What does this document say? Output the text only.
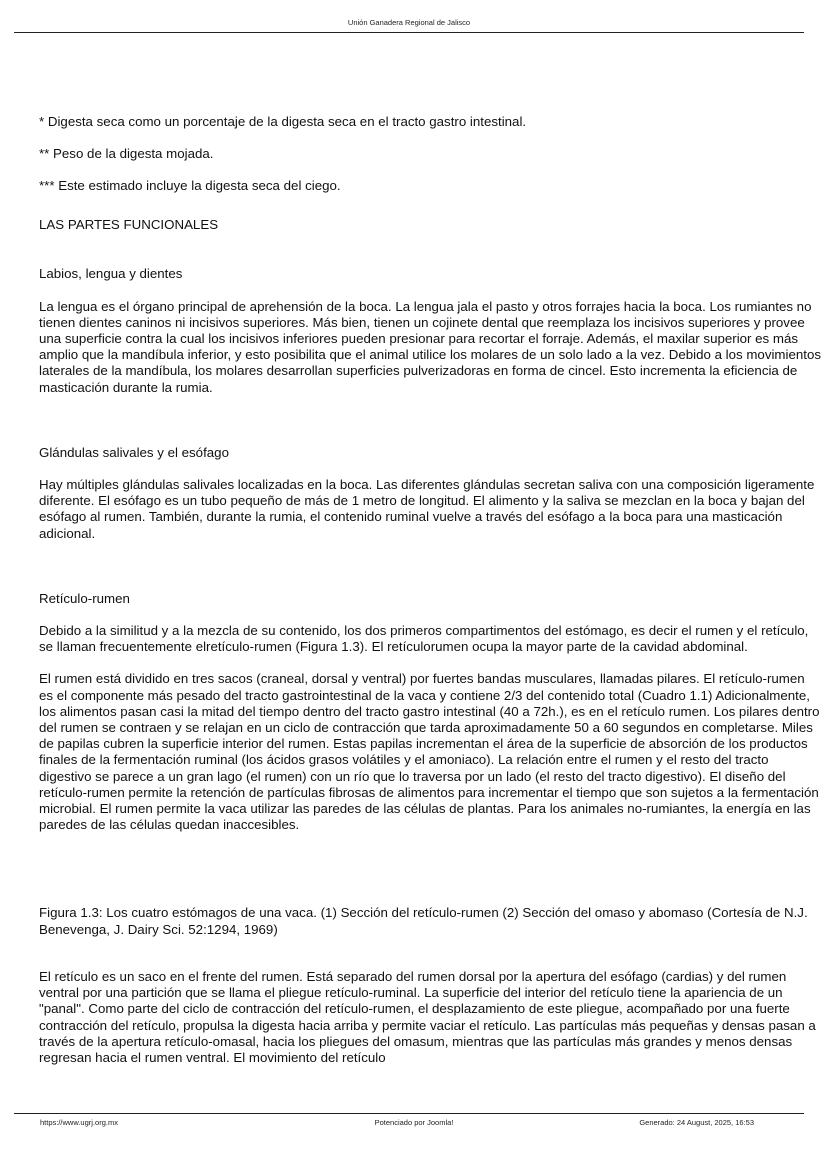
Unión Ganadera Regional de Jalisco

* Digesta seca como un porcentaje de la digesta seca en el tracto gastro intestinal.

** Peso de la digesta mojada.

*** Este estimado incluye la digesta seca del ciego.

LAS PARTES FUNCIONALES

Labios, lengua y dientes

La lengua es el órgano principal de aprehensión de la boca. La lengua jala el pasto y otros forrajes hacia la boca. Los rumiantes no tienen dientes caninos ni incisivos superiores. Más bien, tienen un cojinete dental que reemplaza los incisivos superiores y provee una superficie contra la cual los incisivos inferiores pueden presionar para recortar el forraje. Además, el maxilar superior es más amplio que la mandíbula inferior, y esto posibilita que el animal utilice los molares de un solo lado a la vez. Debido a los movimientos laterales de la mandíbula, los molares desarrollan superficies pulverizadoras en forma de cincel. Esto incrementa la eficiencia de masticación durante la rumia.

Glándulas salivales y el esófago

Hay múltiples glándulas salivales localizadas en la boca. Las diferentes glándulas secretan saliva con una composición ligeramente diferente. El esófago es un tubo pequeño de más de 1 metro de longitud. El alimento y la saliva se mezclan en la boca y bajan del esófago al rumen. También, durante la rumia, el contenido ruminal vuelve a través del esófago a la boca para una masticación adicional.

Retículo-rumen

Debido a la similitud y a la mezcla de su contenido, los dos primeros compartimentos del estómago, es decir el rumen y el retículo, se llaman frecuentemente elretículo-rumen (Figura 1.3). El retículorumen ocupa la mayor parte de la cavidad abdominal.

El rumen está dividido en tres sacos (craneal, dorsal y ventral) por fuertes bandas musculares, llamadas pilares. El retículo-rumen es el componente más pesado del tracto gastrointestinal de la vaca y contiene 2/3 del contenido total (Cuadro 1.1) Adicionalmente, los alimentos pasan casi la mitad del tiempo dentro del tracto gastro intestinal (40 a 72h.), es en el retículo rumen. Los pilares dentro del rumen se contraen y se relajan en un ciclo de contracción que tarda aproximadamente 50 a 60 segundos en completarse. Miles de papilas cubren la superficie interior del rumen. Estas papilas incrementan el área de la superficie de absorción de los productos finales de la fermentación ruminal (los ácidos grasos volátiles y el amoniaco). La relación entre el rumen y el resto del tracto digestivo se parece a un gran lago (el rumen) con un río que lo traversa por un lado (el resto del tracto digestivo). El diseño del retículo-rumen permite la retención de partículas fibrosas de alimentos para incrementar el tiempo que son sujetos a la fermentación microbial. El rumen permite la vaca utilizar las paredes de las células de plantas. Para los animales no-rumiantes, la energía en las paredes de las células quedan inaccesibles.

Figura 1.3: Los cuatro estómagos de una vaca. (1) Sección del retículo-rumen (2) Sección del omaso y abomaso (Cortesía de N.J. Benevenga, J. Dairy Sci. 52:1294, 1969)

El retículo es un saco en el frente del rumen. Está separado del rumen dorsal por la apertura del esófago (cardias) y del rumen ventral por una partición que se llama el pliegue retículo-ruminal. La superficie del interior del retículo tiene la apariencia de un "panal". Como parte del ciclo de contracción del retículo-rumen, el desplazamiento de este pliegue, acompañado por una fuerte contracción del retículo, propulsa la digesta hacia arriba y permite vaciar el retículo. Las partículas más pequeñas y densas pasan a través de la apertura retículo-omasal, hacia los pliegues del omasum, mientras que las partículas más grandes y menos densas regresan hacia el rumen ventral. El movimiento del retículo

https://www.ugrj.org.mx	Potenciado por Joomla!	Generado: 24 August, 2025, 16:53
